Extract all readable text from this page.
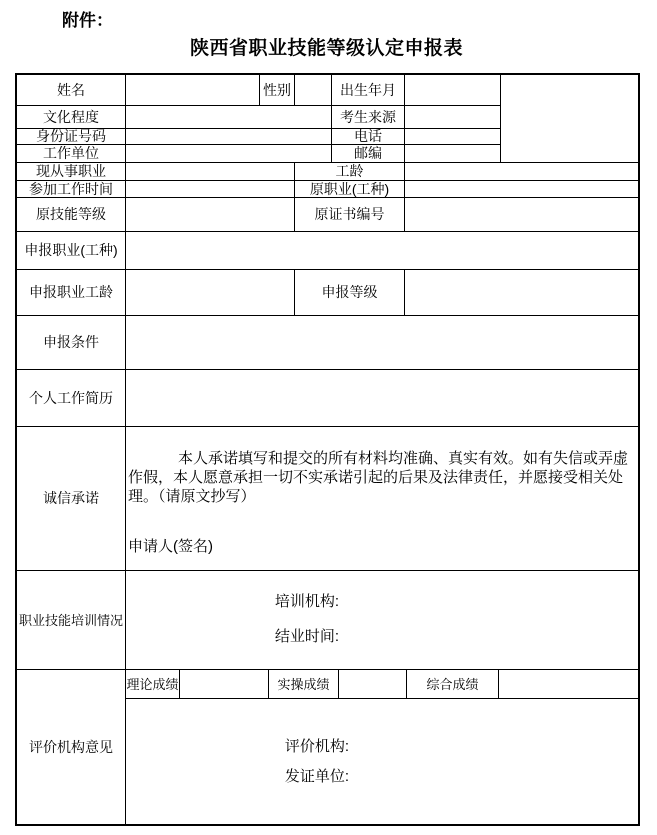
附件：
陕西省职业技能等级认定申报表
姓名	性别	出生年月
文化程度	考生来源
身份证号码	电话
工作单位	邮编
现从事职业	工龄
参加工作时间	原职业(工种)
原技能等级	原证书编号
申报职业(工种)
申报职业工龄	申报等级
申报条件
个人工作简历
诚信承诺
本人承诺填写和提交的所有材料均准确、真实有效。如有失信或弄虚作假，本人愿意承担一切不实承诺引起的后果及法律责任，并愿接受相关处理。（请原文抄写）
申请人(签名)
职业技能培训情况

培训机构:

结业时间:

评价机构意见
理论成绩	实操成绩	综合成绩

评价机构:

发证单位:
